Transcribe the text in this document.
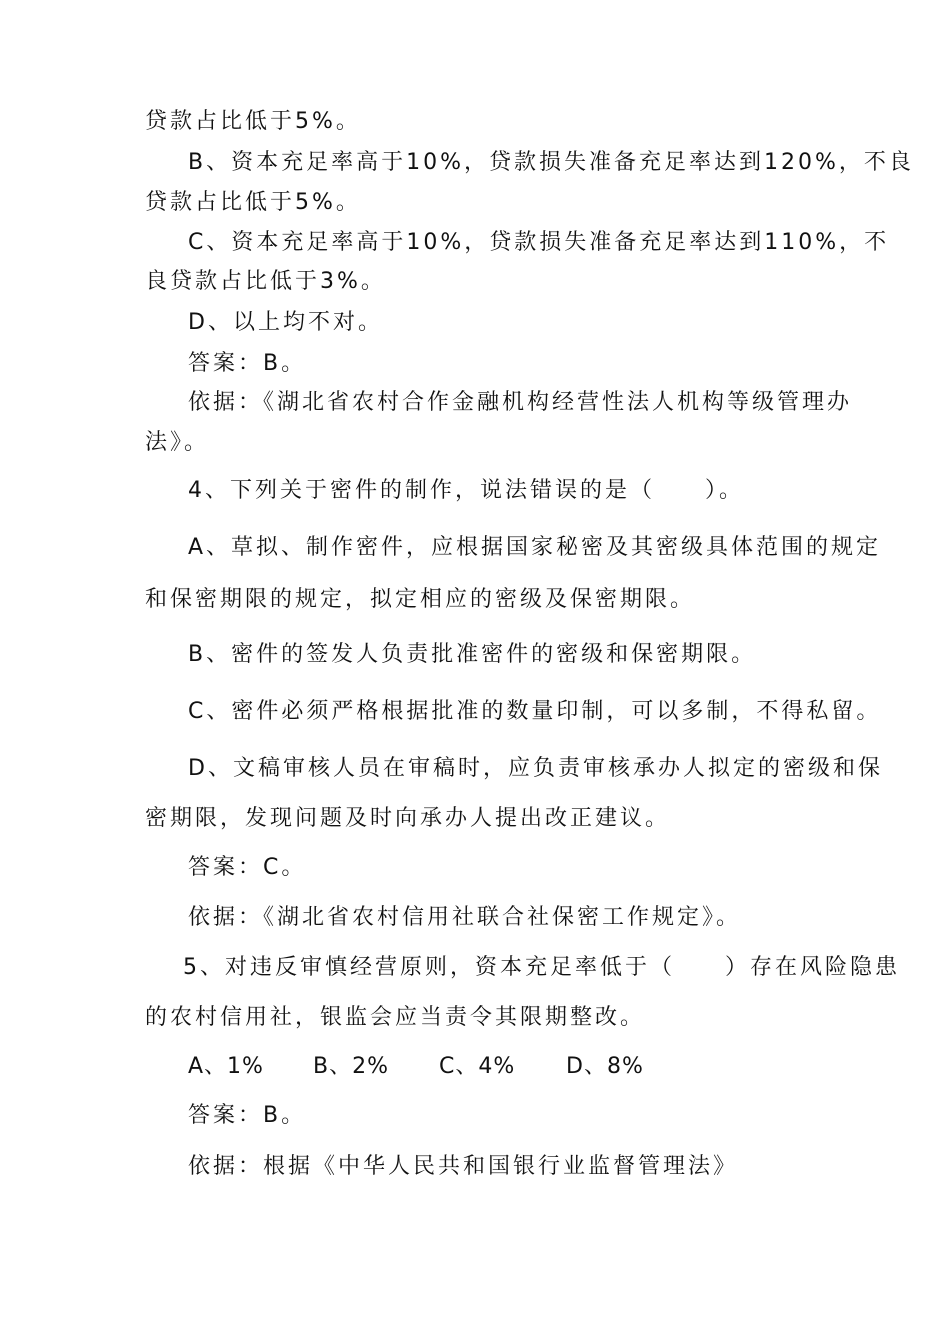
贷款占比低于5%。
B、资本充足率高于10%，贷款损失准备充足率达到120%，不良
贷款占比低于5%。
C、资本充足率高于10%，贷款损失准备充足率达到110%，不
良贷款占比低于3%。
D、以上均不对。
答案：B。
依据：《湖北省农村合作金融机构经营性法人机构等级管理办
法》。
4、下列关于密件的制作，说法错误的是（　　）。
A、草拟、制作密件，应根据国家秘密及其密级具体范围的规定
和保密期限的规定，拟定相应的密级及保密期限。
B、密件的签发人负责批准密件的密级和保密期限。
C、密件必须严格根据批准的数量印制，可以多制，不得私留。
D、文稿审核人员在审稿时，应负责审核承办人拟定的密级和保
密期限，发现问题及时向承办人提出改正建议。
答案：C。
依据：《湖北省农村信用社联合社保密工作规定》。
5、对违反审慎经营原则，资本充足率低于（　　）存在风险隐患
的农村信用社，银监会应当责令其限期整改。
A、1% B、2% C、4% D、8%
答案：B。
依据：根据《中华人民共和国银行业监督管理法》
